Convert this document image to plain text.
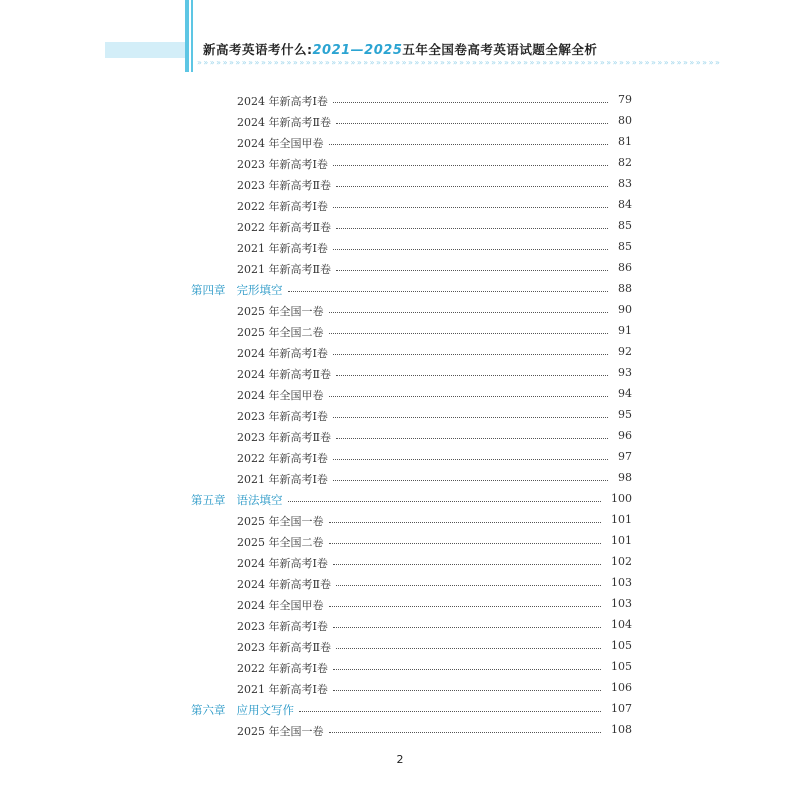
新高考英语考什么:2021—2025五年全国卷高考英语试题全解全析
»»»»»»»»»»»»»»»»»»»»»»»»»»»»»»»»»»»»»»»»»»»»»»»»»»»»»»»»»»»»»»»»»»»»»»»»»»»»»»»»»»
2024 年新高考Ⅰ卷	79
2024 年新高考Ⅱ卷	80
2024 年全国甲卷	81
2023 年新高考Ⅰ卷	82
2023 年新高考Ⅱ卷	83
2022 年新高考Ⅰ卷	84
2022 年新高考Ⅱ卷	85
2021 年新高考Ⅰ卷	85
2021 年新高考Ⅱ卷	86
第四章 完形填空	88
2025 年全国一卷	90
2025 年全国二卷	91
2024 年新高考Ⅰ卷	92
2024 年新高考Ⅱ卷	93
2024 年全国甲卷	94
2023 年新高考Ⅰ卷	95
2023 年新高考Ⅱ卷	96
2022 年新高考Ⅰ卷	97
2021 年新高考Ⅰ卷	98
第五章 语法填空	100
2025 年全国一卷	101
2025 年全国二卷	101
2024 年新高考Ⅰ卷	102
2024 年新高考Ⅱ卷	103
2024 年全国甲卷	103
2023 年新高考Ⅰ卷	104
2023 年新高考Ⅱ卷	105
2022 年新高考Ⅰ卷	105
2021 年新高考Ⅰ卷	106
第六章 应用文写作	107
2025 年全国一卷	108
2
